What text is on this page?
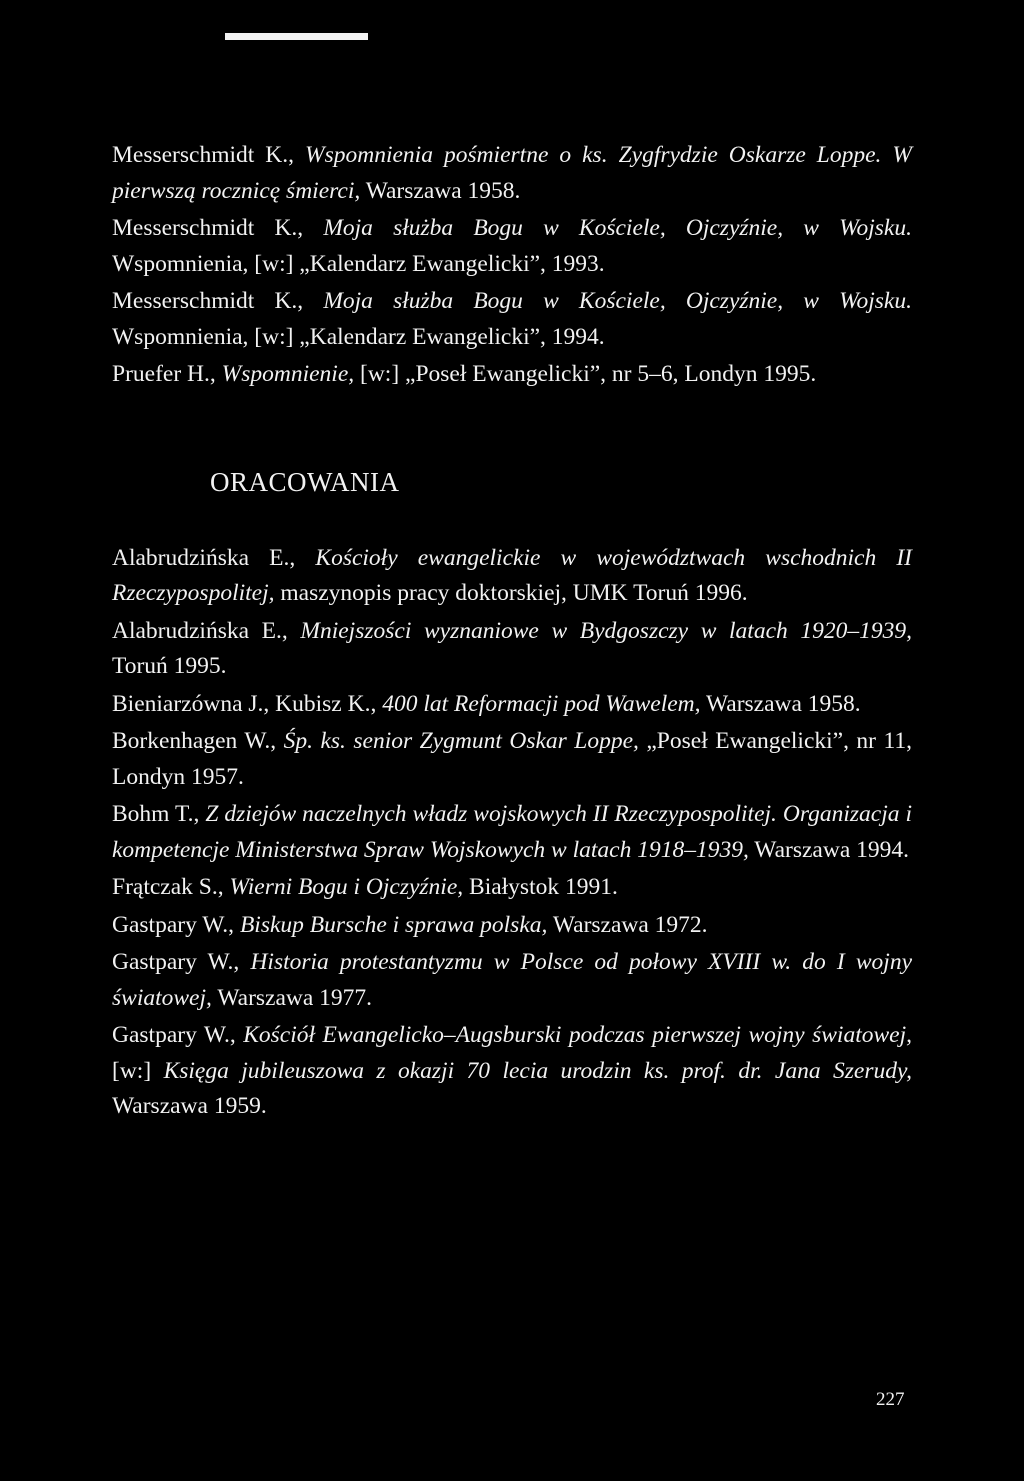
Messerschmidt K., Wspomnienia pośmiertne o ks. Zygfrydzie Oskarze Loppe. W pierwszą rocznicę śmierci, Warszawa 1958.

Messerschmidt K., Moja służba Bogu w Kościele, Ojczyźnie, w Wojsku. Wspomnienia, [w:] „Kalendarz Ewangelicki”, 1993.

Messerschmidt K., Moja służba Bogu w Kościele, Ojczyźnie, w Wojsku. Wspomnienia, [w:] „Kalendarz Ewangelicki”, 1994.

Pruefer H., Wspomnienie, [w:] „Poseł Ewangelicki”, nr 5–6, Londyn 1995.

ORACOWANIA

Alabrudzińska E., Kościoły ewangelickie w województwach wschodnich II Rzeczypospolitej, maszynopis pracy doktorskiej, UMK Toruń 1996.

Alabrudzińska E., Mniejszości wyznaniowe w Bydgoszczy w latach 1920–1939, Toruń 1995.

Bieniarzówna J., Kubisz K., 400 lat Reformacji pod Wawelem, Warszawa 1958.

Borkenhagen W., Śp. ks. senior Zygmunt Oskar Loppe, „Poseł Ewangelicki”, nr 11, Londyn 1957.

Bohm T., Z dziejów naczelnych władz wojskowych II Rzeczypospolitej. Organizacja i kompetencje Ministerstwa Spraw Wojskowych w latach 1918–1939, Warszawa 1994.

Frątczak S., Wierni Bogu i Ojczyźnie, Białystok 1991.

Gastpary W., Biskup Bursche i sprawa polska, Warszawa 1972.

Gastpary W., Historia protestantyzmu w Polsce od połowy XVIII w. do I wojny światowej, Warszawa 1977.

Gastpary W., Kościół Ewangelicko–Augsburski podczas pierwszej wojny światowej, [w:] Księga jubileuszowa z okazji 70 lecia urodzin ks. prof. dr. Jana Szerudy, Warszawa 1959.

227
